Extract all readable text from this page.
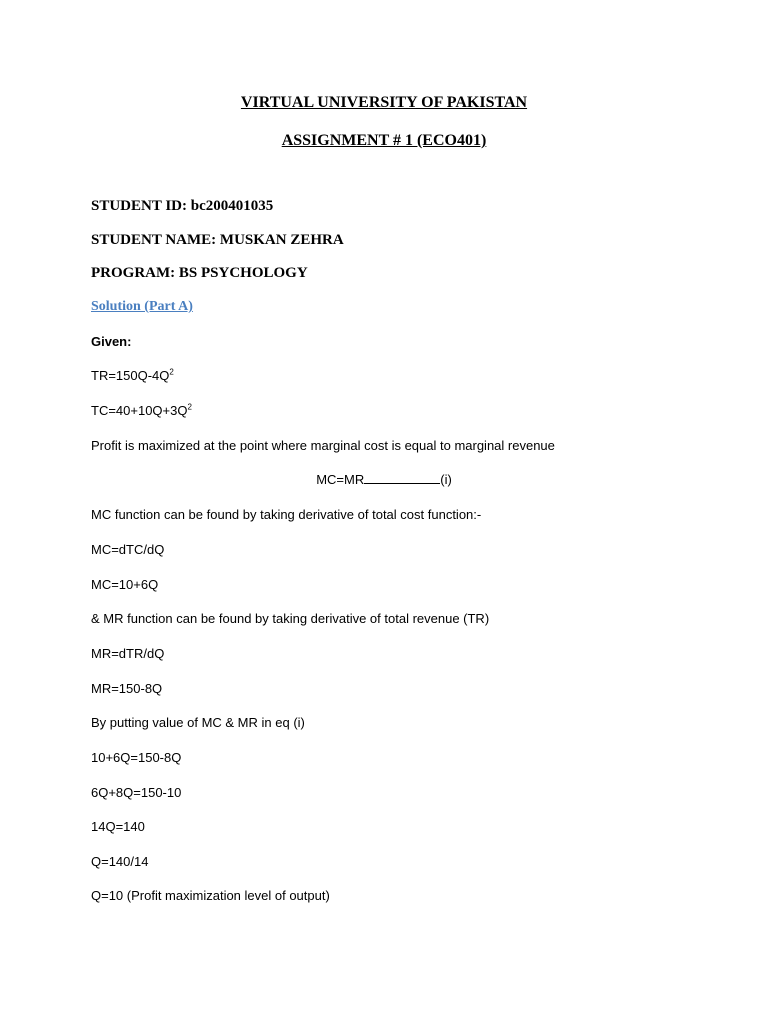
VIRTUAL UNIVERSITY OF PAKISTAN
ASSIGNMENT # 1 (ECO401)
STUDENT ID: bc200401035
STUDENT NAME: MUSKAN ZEHRA
PROGRAM: BS PSYCHOLOGY
Solution (Part A)
Given:
$TR=150Q-4Q^2$
$TC=40+10Q+3Q^2$
Profit is maximized at the point where marginal cost is equal to marginal revenue
MC=MR	(i)
MC function can be found by taking derivative of total cost function:-
MC=dTC/dQ
MC=10+6Q
& MR function can be found by taking derivative of total revenue (TR)
MR=dTR/dQ
MR=150-8Q
By putting value of MC & MR in eq (i)
10+6Q=150-8Q
6Q+8Q=150-10
14Q=140
Q=140/14
Q=10 (Profit maximization level of output)
